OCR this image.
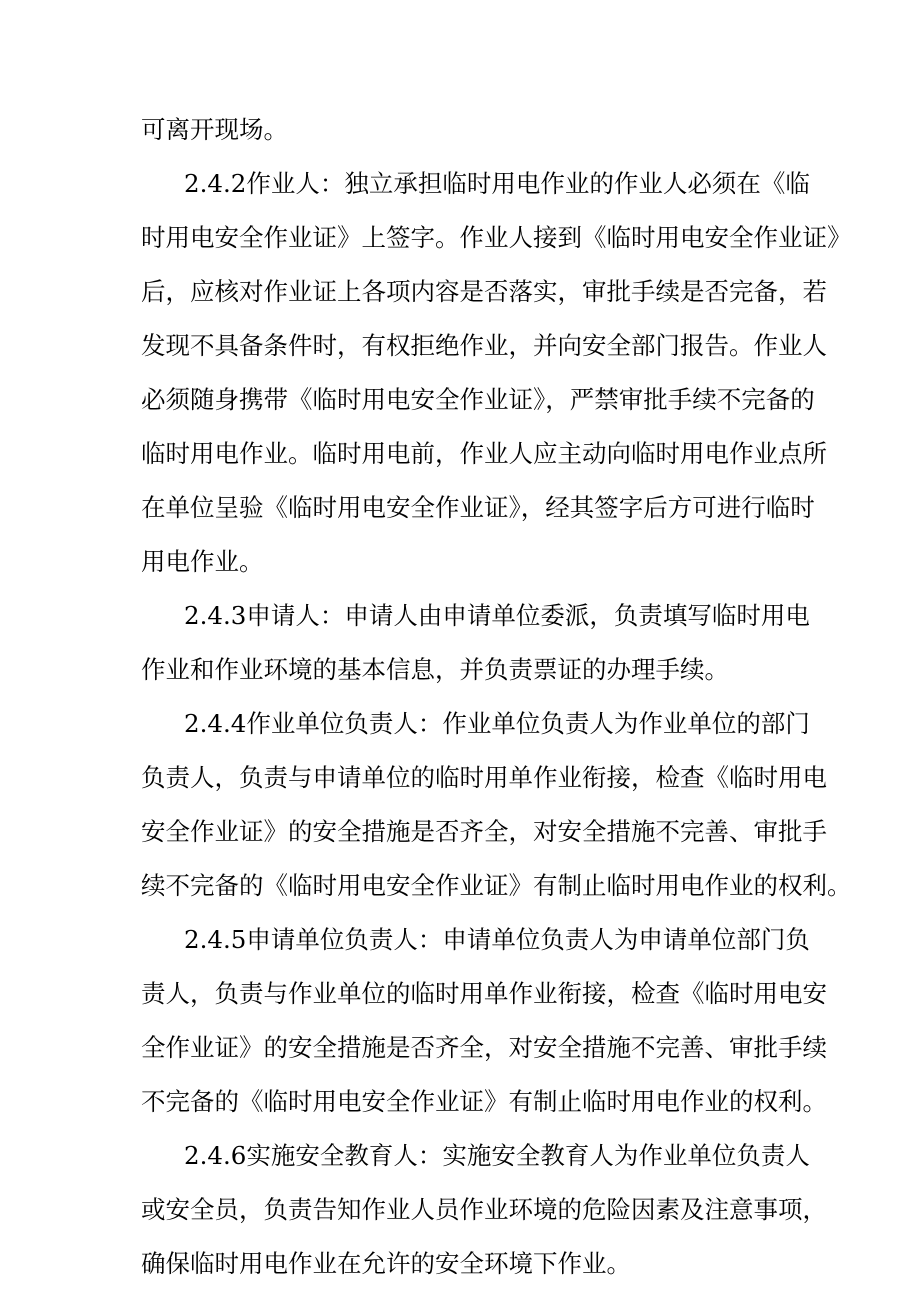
可离开现场。
2.4.2作业人：独立承担临时用电作业的作业人必须在《临
时用电安全作业证》上签字。作业人接到《临时用电安全作业证》
后，应核对作业证上各项内容是否落实，审批手续是否完备，若
发现不具备条件时，有权拒绝作业，并向安全部门报告。作业人
必须随身携带《临时用电安全作业证》，严禁审批手续不完备的
临时用电作业。临时用电前，作业人应主动向临时用电作业点所
在单位呈验《临时用电安全作业证》，经其签字后方可进行临时
用电作业。
2.4.3申请人：申请人由申请单位委派，负责填写临时用电
作业和作业环境的基本信息，并负责票证的办理手续。
2.4.4作业单位负责人：作业单位负责人为作业单位的部门
负责人，负责与申请单位的临时用单作业衔接，检查《临时用电
安全作业证》的安全措施是否齐全，对安全措施不完善、审批手
续不完备的《临时用电安全作业证》有制止临时用电作业的权利。
2.4.5申请单位负责人：申请单位负责人为申请单位部门负
责人，负责与作业单位的临时用单作业衔接，检查《临时用电安
全作业证》的安全措施是否齐全，对安全措施不完善、审批手续
不完备的《临时用电安全作业证》有制止临时用电作业的权利。
2.4.6实施安全教育人：实施安全教育人为作业单位负责人
或安全员，负责告知作业人员作业环境的危险因素及注意事项，
确保临时用电作业在允许的安全环境下作业。
